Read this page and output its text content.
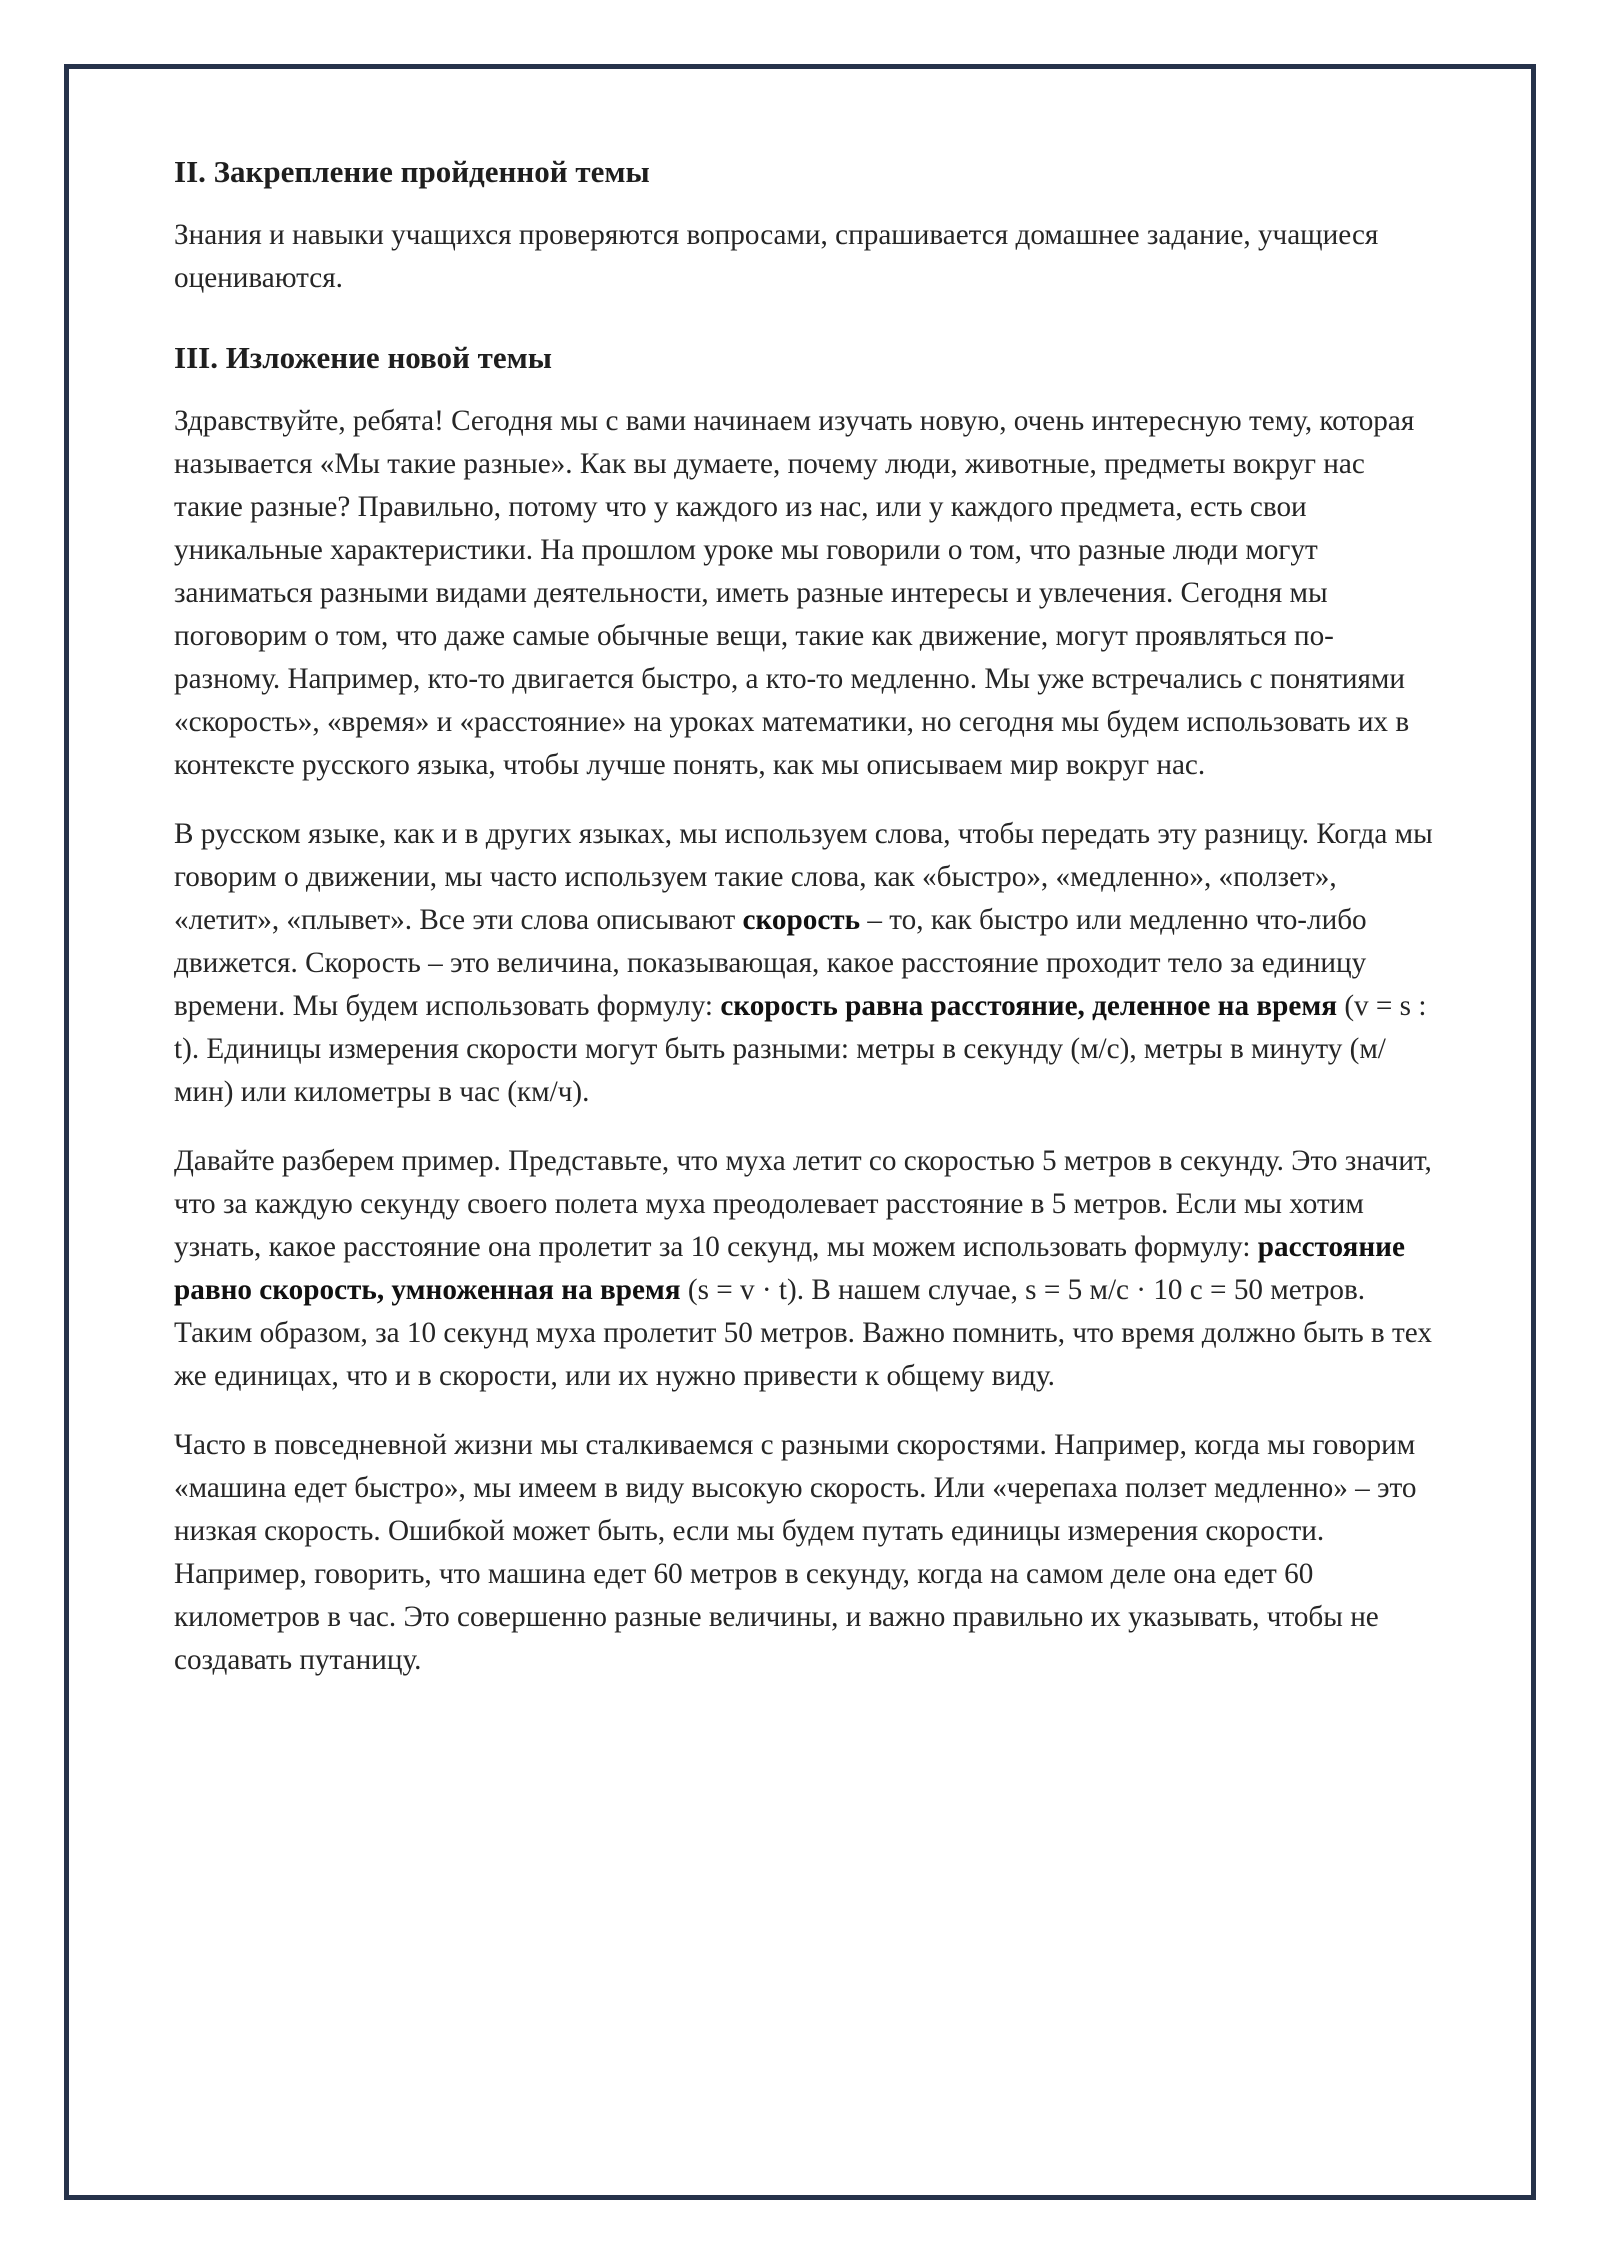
II. Закрепление пройденной темы

Знания и навыки учащихся проверяются вопросами, спрашивается домашнее задание, учащиеся оцениваются.

III. Изложение новой темы

Здравствуйте, ребята! Сегодня мы с вами начинаем изучать новую, очень интересную тему, которая называется «Мы такие разные». Как вы думаете, почему люди, животные, предметы вокруг нас такие разные? Правильно, потому что у каждого из нас, или у каждого предмета, есть свои уникальные характеристики. На прошлом уроке мы говорили о том, что разные люди могут заниматься разными видами деятельности, иметь разные интересы и увлечения. Сегодня мы поговорим о том, что даже самые обычные вещи, такие как движение, могут проявляться по-разному. Например, кто-то двигается быстро, а кто-то медленно. Мы уже встречались с понятиями «скорость», «время» и «расстояние» на уроках математики, но сегодня мы будем использовать их в контексте русского языка, чтобы лучше понять, как мы описываем мир вокруг нас.

В русском языке, как и в других языках, мы используем слова, чтобы передать эту разницу. Когда мы говорим о движении, мы часто используем такие слова, как «быстро», «медленно», «ползет», «летит», «плывет». Все эти слова описывают скорость – то, как быстро или медленно что-либо движется. Скорость – это величина, показывающая, какое расстояние проходит тело за единицу времени. Мы будем использовать формулу: скорость равна расстояние, деленное на время (v = s : t). Единицы измерения скорости могут быть разными: метры в секунду (м/с), метры в минуту (м/мин) или километры в час (км/ч).

Давайте разберем пример. Представьте, что муха летит со скоростью 5 метров в секунду. Это значит, что за каждую секунду своего полета муха преодолевает расстояние в 5 метров. Если мы хотим узнать, какое расстояние она пролетит за 10 секунд, мы можем использовать формулу: расстояние равно скорость, умноженная на время (s = v · t). В нашем случае, s = 5 м/с · 10 с = 50 метров. Таким образом, за 10 секунд муха пролетит 50 метров. Важно помнить, что время должно быть в тех же единицах, что и в скорости, или их нужно привести к общему виду.

Часто в повседневной жизни мы сталкиваемся с разными скоростями. Например, когда мы говорим «машина едет быстро», мы имеем в виду высокую скорость. Или «черепаха ползет медленно» – это низкая скорость. Ошибкой может быть, если мы будем путать единицы измерения скорости. Например, говорить, что машина едет 60 метров в секунду, когда на самом деле она едет 60 километров в час. Это совершенно разные величины, и важно правильно их указывать, чтобы не создавать путаницу.
